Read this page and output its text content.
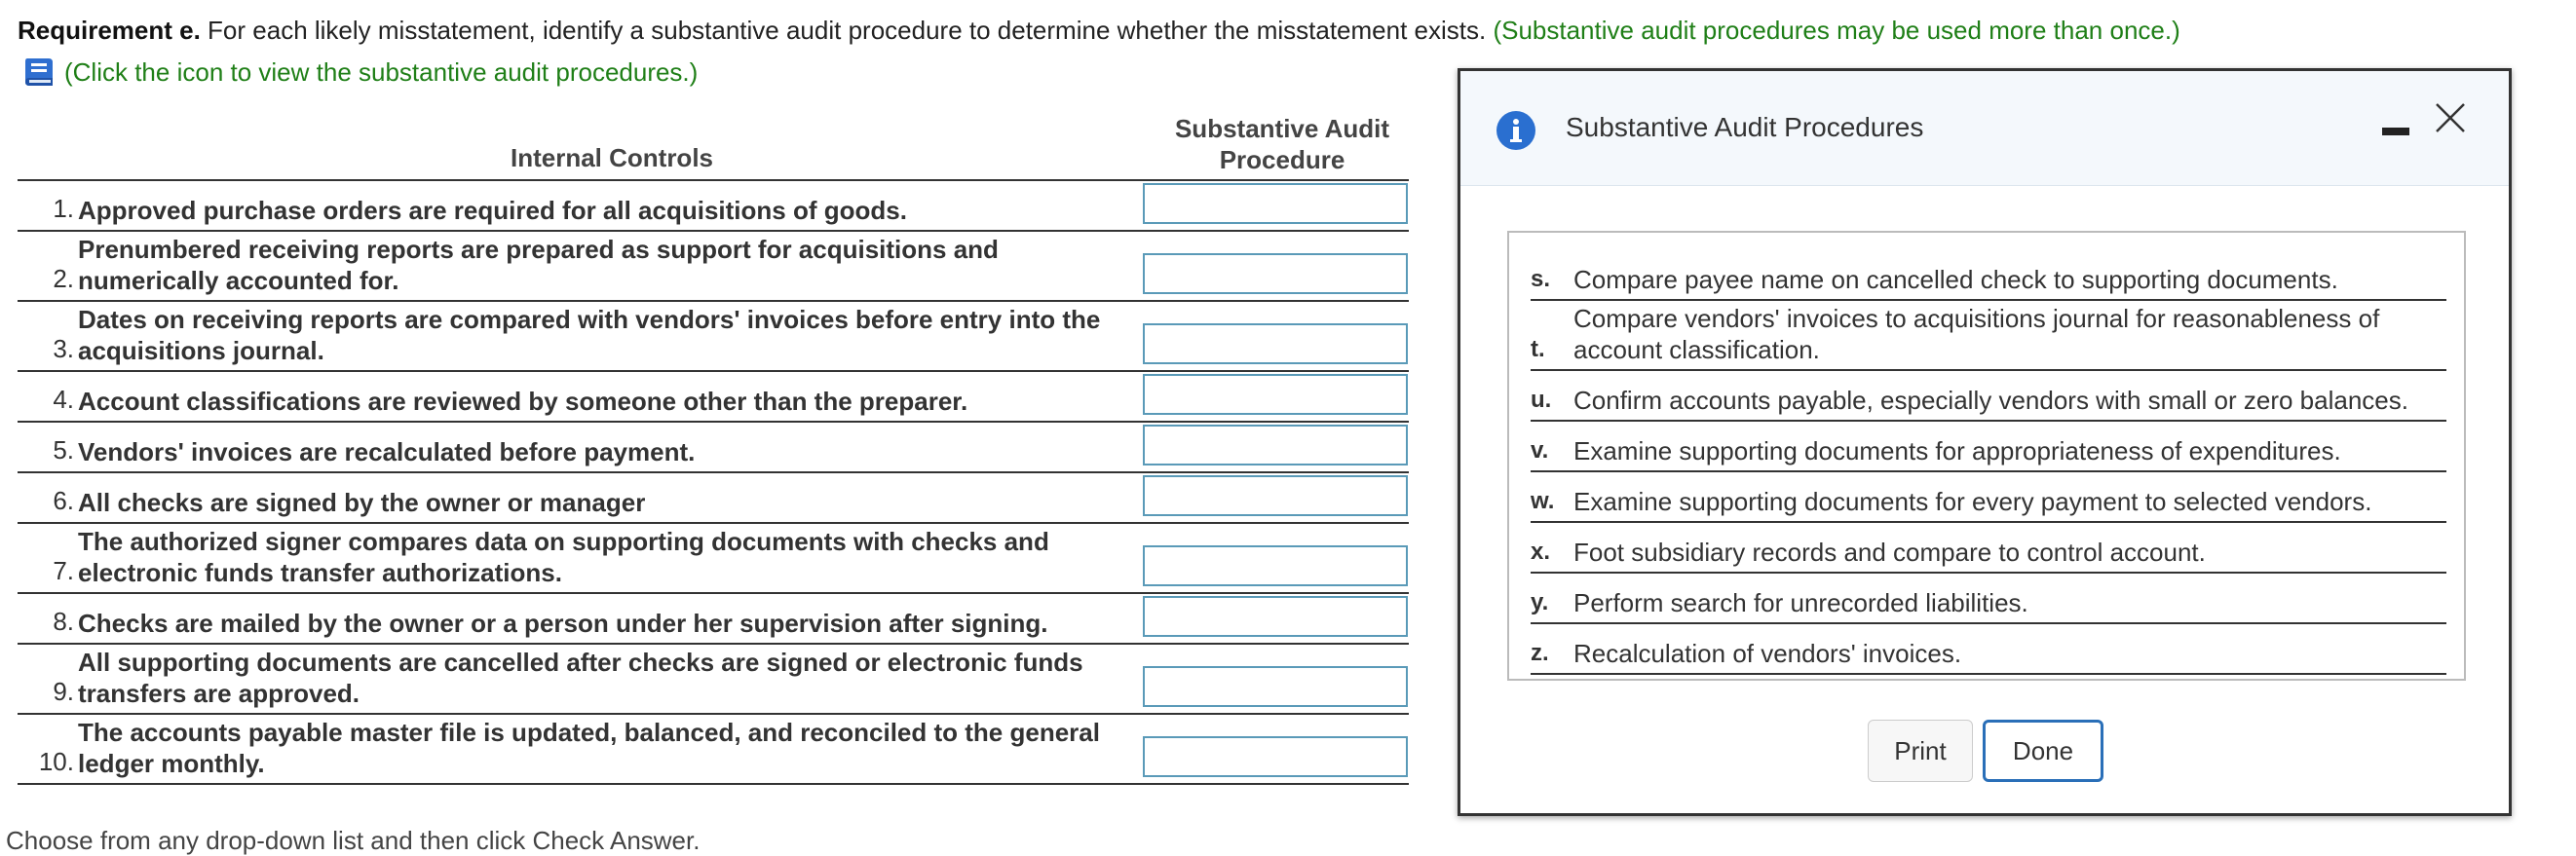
Requirement e. For each likely misstatement, identify a substantive audit procedure to determine whether the misstatement exists. (Substantive audit procedures may be used more than once.)
(Click the icon to view the substantive audit procedures.)
Internal Controls
Substantive Audit
Procedure
1. Approved purchase orders are required for all acquisitions of goods.
2.
Prenumbered receiving reports are prepared as support for acquisitions and numerically accounted for.
3.
Dates on receiving reports are compared with vendors' invoices before entry into the acquisitions journal.
4. Account classifications are reviewed by someone other than the preparer.
5. Vendors' invoices are recalculated before payment.
6. All checks are signed by the owner or manager
7.
The authorized signer compares data on supporting documents with checks and electronic funds transfer authorizations.
8. Checks are mailed by the owner or a person under her supervision after signing.
9.
All supporting documents are cancelled after checks are signed or electronic funds transfers are approved.
10.
The accounts payable master file is updated, balanced, and reconciled to the general ledger monthly.
Choose from any drop-down list and then click Check Answer.
Substantive Audit Procedures
s. Compare payee name on cancelled check to supporting documents.
t.
Compare vendors' invoices to acquisitions journal for reasonableness of account classification.
u. Confirm accounts payable, especially vendors with small or zero balances.
v. Examine supporting documents for appropriateness of expenditures.
w. Examine supporting documents for every payment to selected vendors.
x. Foot subsidiary records and compare to control account.
y. Perform search for unrecorded liabilities.
z. Recalculation of vendors' invoices.
Print	Done
